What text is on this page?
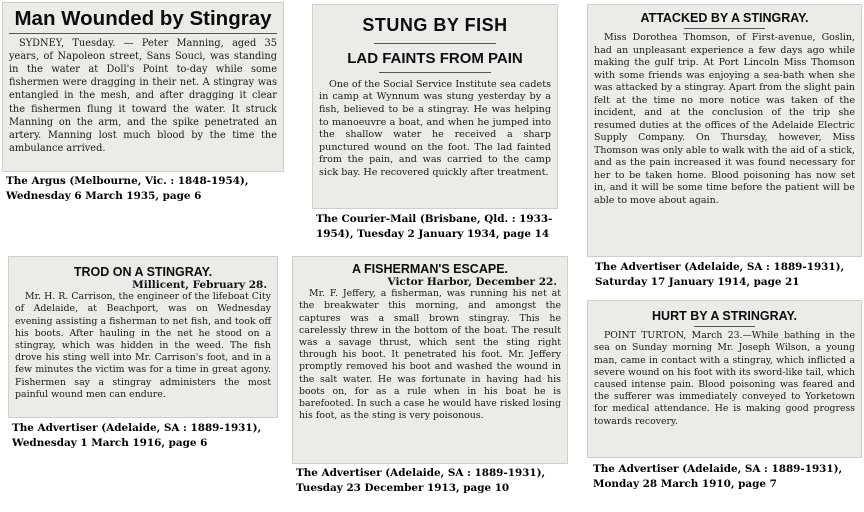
Man Wounded by Stingray

SYDNEY, Tuesday. — Peter Manning, aged 35 years, of Napoleon street, Sans Souci, was standing in the water at Doll's Point to-day while some fishermen were dragging in their net. A stingray was entangled in the mesh, and after dragging it clear the fishermen flung it toward the water. It struck Manning on the arm, and the spike penetrated an artery. Manning lost much blood by the time the ambulance arrived.

The Argus (Melbourne, Vic. : 1848-1954),
Wednesday 6 March 1935, page 6
STUNG BY FISH
LAD FAINTS FROM PAIN

One of the Social Service Institute sea cadets in camp at Wynnum was stung yesterday by a fish, believed to be a stingray. He was helping to manoeuvre a boat, and when he jumped into the shallow water he received a sharp punctured wound on the foot. The lad fainted from the pain, and was carried to the camp sick bay. He recovered quickly after treatment.

The Courier-Mail (Brisbane, Qld. : 1933-
1954), Tuesday 2 January 1934, page 14
ATTACKED BY A STINGRAY.

Miss Dorothea Thomson, of First-avenue, Goslin, had an unpleasant experience a few days ago while making the gulf trip. At Port Lincoln Miss Thomson with some friends was enjoying a sea-bath when she was attacked by a stingray. Apart from the slight pain felt at the time no more notice was taken of the incident, and at the conclusion of the trip she resumed duties at the offices of the Adelaide Electric Supply Company. On Thursday, however, Miss Thomson was only able to walk with the aid of a stick, and as the pain increased it was found necessary for her to be taken home. Blood poisoning has now set in, and it will be some time before the patient will be able to move about again.

The Advertiser (Adelaide, SA : 1889-1931),
Saturday 17 January 1914, page 21
TROD ON A STINGRAY.
Millicent, February 28.

Mr. H. R. Carrison, the engineer of the lifeboat City of Adelaide, at Beachport, was on Wednesday evening assisting a fisherman to net fish, and took off his boots. After hauling in the net he stood on a stingray, which was hidden in the weed. The fish drove his sting well into Mr. Carrison's foot, and in a few minutes the victim was for a time in great agony. Fishermen say a stingray administers the most painful wound men can endure.

The Advertiser (Adelaide, SA : 1889-1931),
Wednesday 1 March 1916, page 6
A FISHERMAN'S ESCAPE.
Victor Harbor, December 22.

Mr. F. Jeffery, a fisherman, was running his net at the breakwater this morning, and amongst the captures was a small brown stingray. This he carelessly threw in the bottom of the boat. The result was a savage thrust, which sent the sting right through his boot. It penetrated his foot. Mr. Jeffery promptly removed his boot and washed the wound in the salt water. He was fortunate in having had his boots on, for as a rule when in his boat he is barefooted. In such a case he would have risked losing his foot, as the sting is very poisonous.

The Advertiser (Adelaide, SA : 1889-1931),
Tuesday 23 December 1913, page 10
HURT BY A STRINGRAY.

POINT TURTON, March 23.—While bathing in the sea on Sunday morning Mr. Joseph Wilson, a young man, came in contact with a stingray, which inflicted a severe wound on his foot with its sword-like tail, which caused intense pain. Blood poisoning was feared and the sufferer was immediately conveyed to Yorketown for medical attendance. He is making good progress towards recovery.

The Advertiser (Adelaide, SA : 1889-1931),
Monday 28 March 1910, page 7
